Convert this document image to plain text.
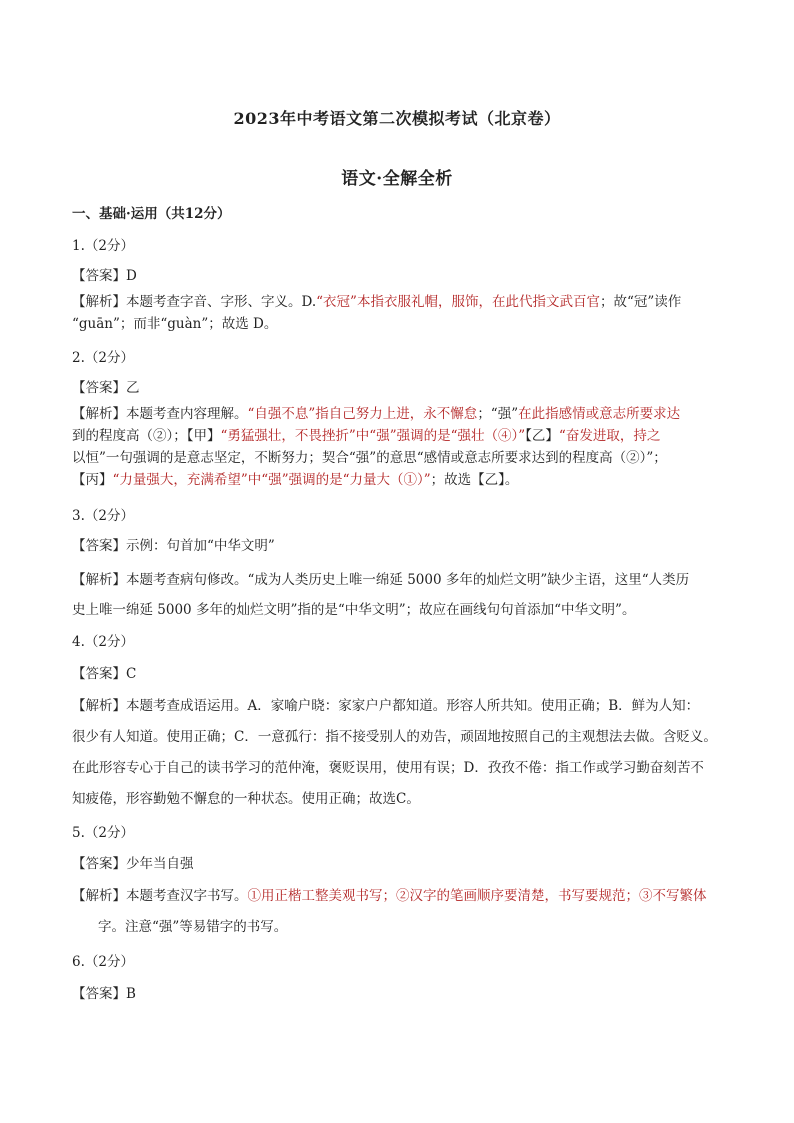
2023年中考语文第二次模拟考试（北京卷）
语文·全解全析
一、基础·运用（共12分）
1.（2分）
【答案】D
【解析】本题考查字音、字形、字义。D.“衣冠”本指衣服礼帽，服饰，在此代指文武百官；故“冠”读作
“guān”；而非“guàn”；故选 D。
2.（2分）
【答案】乙
【解析】本题考查内容理解。“自强不息”指自己努力上进，永不懈怠；“强”在此指感情或意志所要求达
到的程度高（②）；【甲】“勇猛强壮，不畏挫折”中“强”强调的是“强壮（④）”【乙】“奋发进取，持之
以恒”一句强调的是意志坚定，不断努力；契合“强”的意思“感情或意志所要求达到的程度高（②）”；
【丙】“力量强大，充满希望”中“强”强调的是“力量大（①）”；故选【乙】。
3.（2分）
【答案】示例：句首加“中华文明”
【解析】本题考查病句修改。“成为人类历史上唯一绵延 5000 多年的灿烂文明”缺少主语，这里“人类历
史上唯一绵延 5000 多年的灿烂文明”指的是“中华文明”；故应在画线句句首添加“中华文明”。
4.（2分）
【答案】C
【解析】本题考查成语运用。A．家喻户晓：家家户户都知道。形容人所共知。使用正确；B．鲜为人知：
很少有人知道。使用正确；C．一意孤行：指不接受别人的劝告，顽固地按照自己的主观想法去做。含贬义。
在此形容专心于自己的读书学习的范仲淹，褒贬误用，使用有误；D．孜孜不倦：指工作或学习勤奋刻苦不
知疲倦，形容勤勉不懈怠的一种状态。使用正确；故选C。
5.（2分）
【答案】少年当自强
【解析】本题考查汉字书写。①用正楷工整美观书写；②汉字的笔画顺序要清楚，书写要规范；③不写繁体
字。注意“强”等易错字的书写。
6.（2分）
【答案】B
